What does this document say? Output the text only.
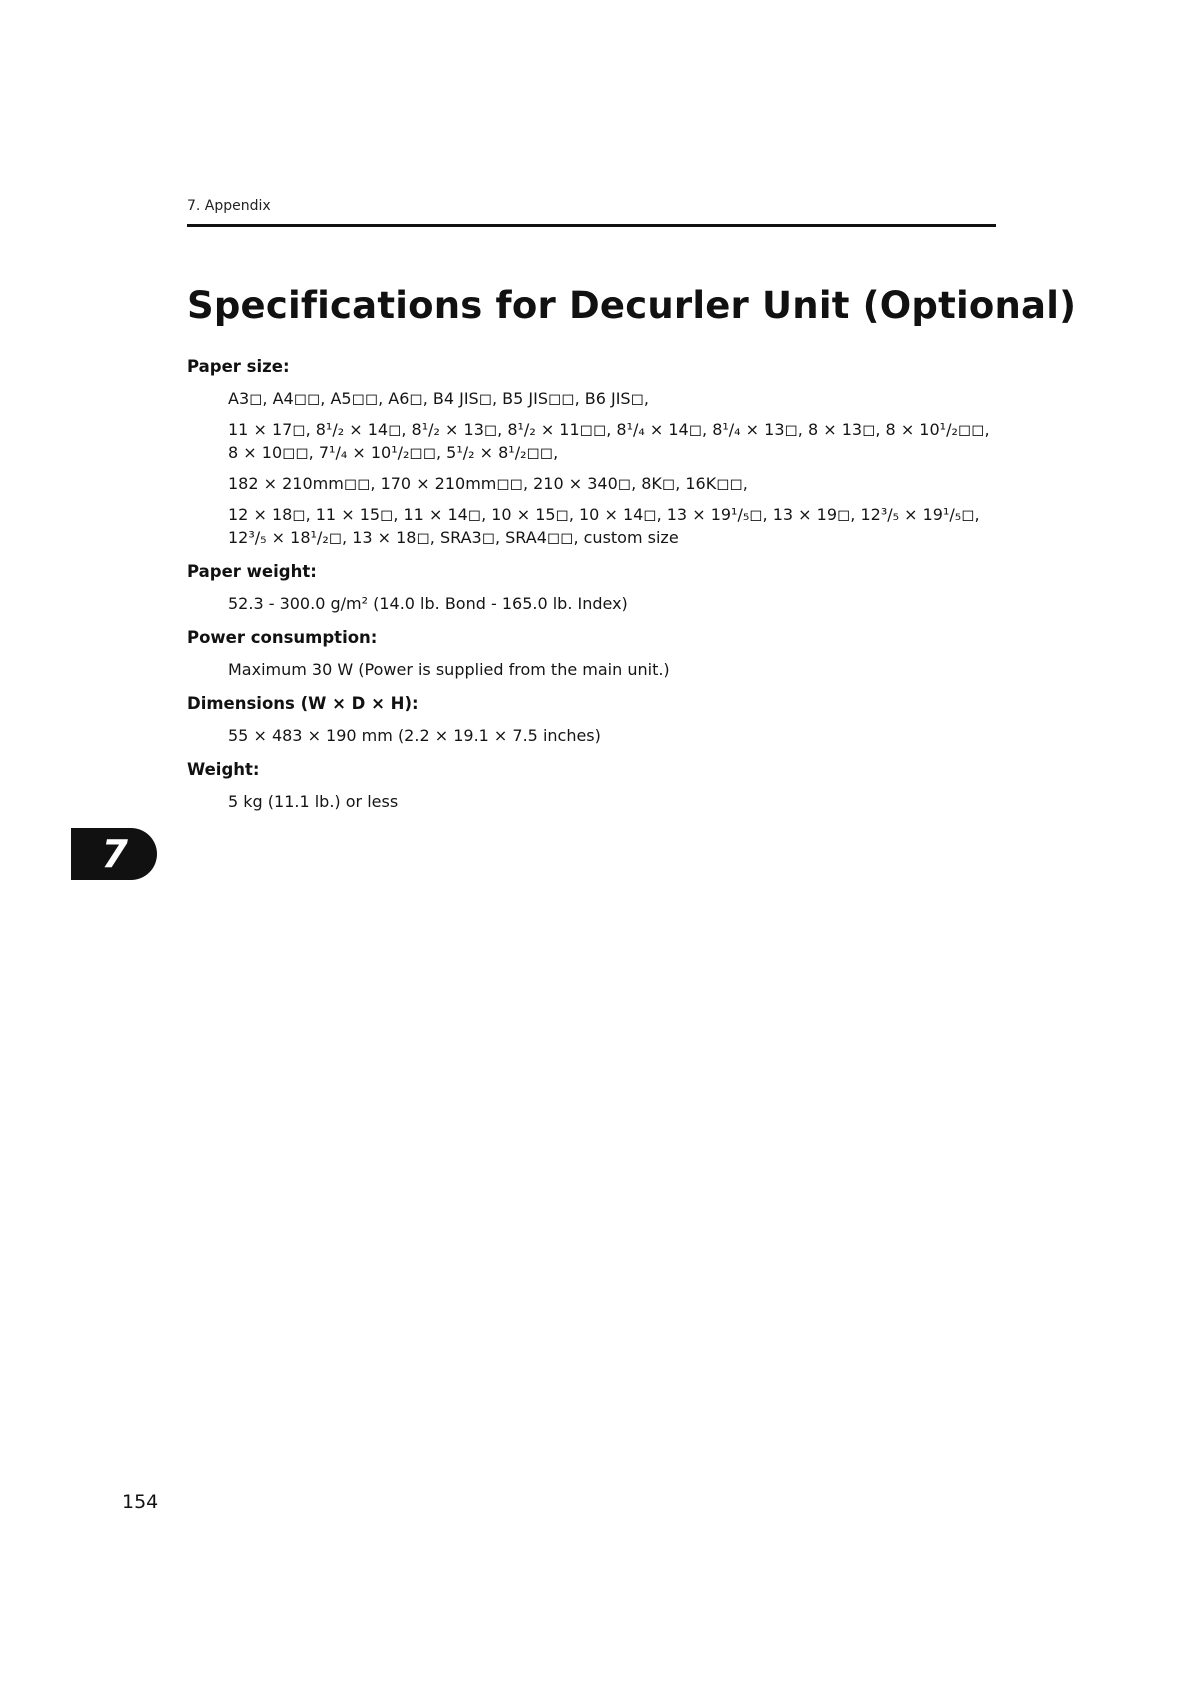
7. Appendix
Specifications for Decurler Unit (Optional)
Paper size:

A3◻, A4◻◻, A5◻◻, A6◻, B4 JIS◻, B5 JIS◻◻, B6 JIS◻,

11 × 17◻, 8¹/₂ × 14◻, 8¹/₂ × 13◻, 8¹/₂ × 11◻◻, 8¹/₄ × 14◻, 8¹/₄ × 13◻, 8 × 13◻, 8 × 10¹/₂◻◻, 8 × 10◻◻, 7¹/₄ × 10¹/₂◻◻, 5¹/₂ × 8¹/₂◻◻,

182 × 210mm◻◻, 170 × 210mm◻◻, 210 × 340◻, 8K◻, 16K◻◻,

12 × 18◻, 11 × 15◻, 11 × 14◻, 10 × 15◻, 10 × 14◻, 13 × 19¹/₅◻, 13 × 19◻, 12³/₅ × 19¹/₅◻, 12³/₅ × 18¹/₂◻, 13 × 18◻, SRA3◻, SRA4◻◻, custom size

Paper weight:

52.3 - 300.0 g/m² (14.0 lb. Bond - 165.0 lb. Index)

Power consumption:

Maximum 30 W (Power is supplied from the main unit.)

Dimensions (W × D × H):

55 × 483 × 190 mm (2.2 × 19.1 × 7.5 inches)

Weight:

5 kg (11.1 lb.) or less

7
154
